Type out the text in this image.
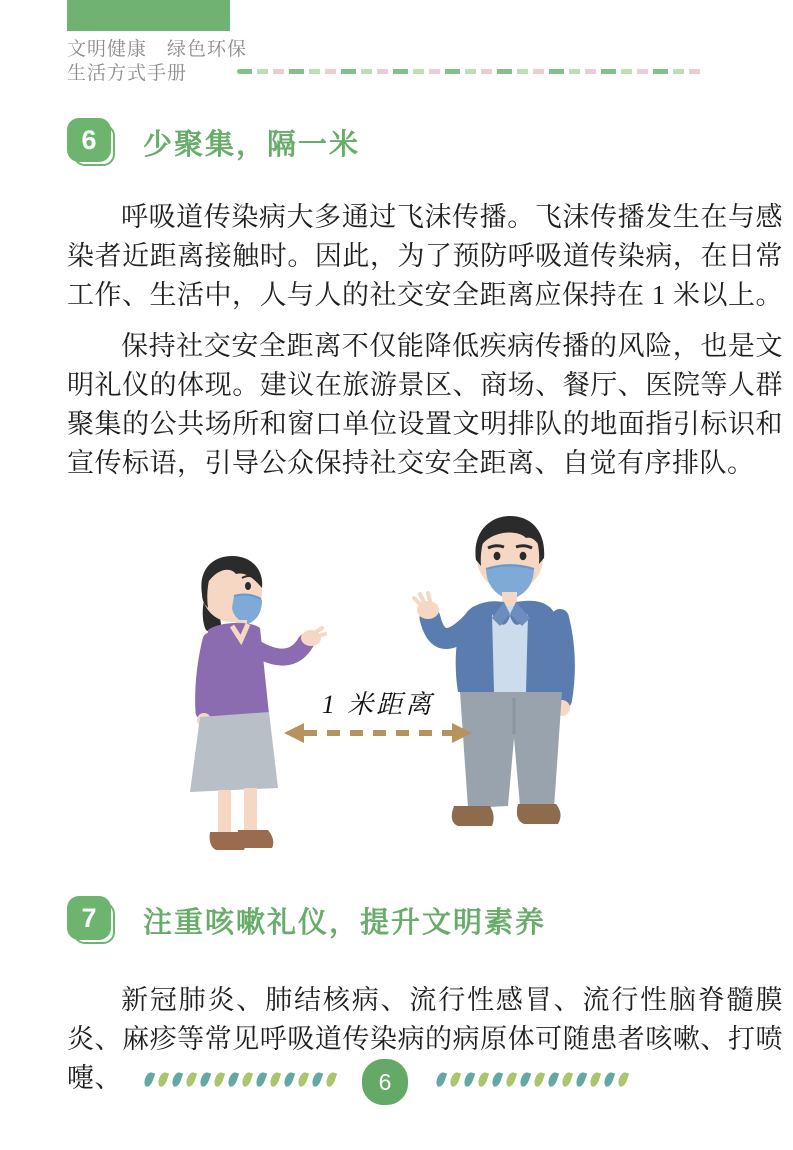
文明健康　绿色环保
生活方式手册
6	少聚集，隔一米

呼吸道传染病大多通过飞沫传播。飞沫传播发生在与感染者近距离接触时。因此，为了预防呼吸道传染病，在日常工作、生活中，人与人的社交安全距离应保持在 1 米以上。

保持社交安全距离不仅能降低疾病传播的风险，也是文明礼仪的体现。建议在旅游景区、商场、餐厅、医院等人群聚集的公共场所和窗口单位设置文明排队的地面指引标识和宣传标语，引导公众保持社交安全距离、自觉有序排队。

1 米距离
7	注重咳嗽礼仪，提升文明素养

新冠肺炎、肺结核病、流行性感冒、流行性脑脊髓膜炎、麻疹等常见呼吸道传染病的病原体可随患者咳嗽、打喷嚏、	6
